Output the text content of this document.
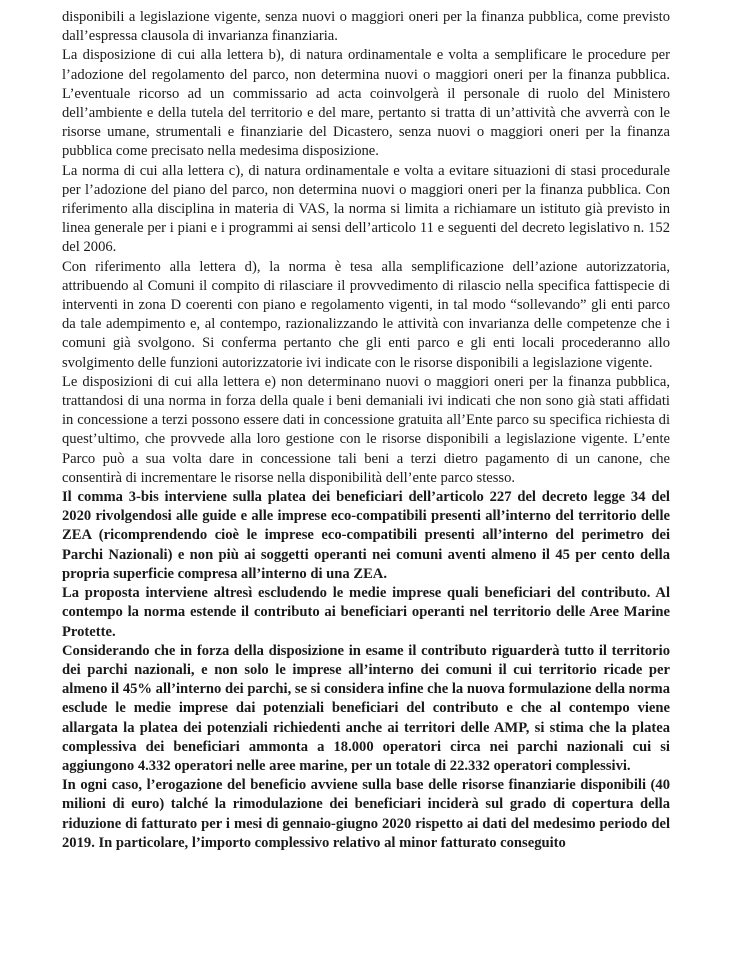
disponibili a legislazione vigente, senza nuovi o maggiori oneri per la finanza pubblica, come previsto dall’espressa clausola di invarianza finanziaria.

La disposizione di cui alla lettera b), di natura ordinamentale e volta a semplificare le procedure per l’adozione del regolamento del parco, non determina nuovi o maggiori oneri per la finanza pubblica. L’eventuale ricorso ad un commissario ad acta coinvolgerà il personale di ruolo del Ministero dell’ambiente e della tutela del territorio e del mare, pertanto si tratta di un’attività che avverrà con le risorse umane, strumentali e finanziarie del Dicastero, senza nuovi o maggiori oneri per la finanza pubblica come precisato nella medesima disposizione.

La norma di cui alla lettera c), di natura ordinamentale e volta a evitare situazioni di stasi procedurale per l’adozione del piano del parco, non determina nuovi o maggiori oneri per la finanza pubblica. Con riferimento alla disciplina in materia di VAS, la norma si limita a richiamare un istituto già previsto in linea generale per i piani e i programmi ai sensi dell’articolo 11 e seguenti del decreto legislativo n. 152 del 2006.

Con riferimento alla lettera d), la norma è tesa alla semplificazione dell’azione autorizzatoria, attribuendo al Comuni il compito di rilasciare il provvedimento di rilascio nella specifica fattispecie di interventi in zona D coerenti con piano e regolamento vigenti, in tal modo “sollevando” gli enti parco da tale adempimento e, al contempo, razionalizzando le attività con invarianza delle competenze che i comuni già svolgono. Si conferma pertanto che gli enti parco e gli enti locali procederanno allo svolgimento delle funzioni autorizzatorie ivi indicate con le risorse disponibili a legislazione vigente.

Le disposizioni di cui alla lettera e) non determinano nuovi o maggiori oneri per la finanza pubblica, trattandosi di una norma in forza della quale i beni demaniali ivi indicati che non sono già stati affidati in concessione a terzi possono essere dati in concessione gratuita all’Ente parco su specifica richiesta di quest’ultimo, che provvede alla loro gestione con le risorse disponibili a legislazione vigente. L’ente Parco può a sua volta dare in concessione tali beni a terzi dietro pagamento di un canone, che consentirà di incrementare le risorse nella disponibilità dell’ente parco stesso.

Il comma 3-bis interviene sulla platea dei beneficiari dell’articolo 227 del decreto legge 34 del 2020 rivolgendosi alle guide e alle imprese eco-compatibili presenti all’interno del territorio delle ZEA (ricomprendendo cioè le imprese eco-compatibili presenti all’interno del perimetro dei Parchi Nazionali) e non più ai soggetti operanti nei comuni aventi almeno il 45 per cento della propria superficie compresa all’interno di una ZEA.

La proposta interviene altresì escludendo le medie imprese quali beneficiari del contributo. Al contempo la norma estende il contributo ai beneficiari operanti nel territorio delle Aree Marine Protette.

Considerando che in forza della disposizione in esame il contributo riguarderà tutto il territorio dei parchi nazionali, e non solo le imprese all’interno dei comuni il cui territorio ricade per almeno il 45% all’interno dei parchi, se si considera infine che la nuova formulazione della norma esclude le medie imprese dai potenziali beneficiari del contributo e che al contempo viene allargata la platea dei potenziali richiedenti anche ai territori delle AMP, si stima che la platea complessiva dei beneficiari ammonta a 18.000 operatori circa nei parchi nazionali cui si aggiungono 4.332 operatori nelle aree marine, per un totale di 22.332 operatori complessivi.

In ogni caso, l’erogazione del beneficio avviene sulla base delle risorse finanziarie disponibili (40 milioni di euro) talché la rimodulazione dei beneficiari inciderà sul grado di copertura della riduzione di fatturato per i mesi di gennaio-giugno 2020 rispetto ai dati del medesimo periodo del 2019. In particolare, l’importo complessivo relativo al minor fatturato conseguito
